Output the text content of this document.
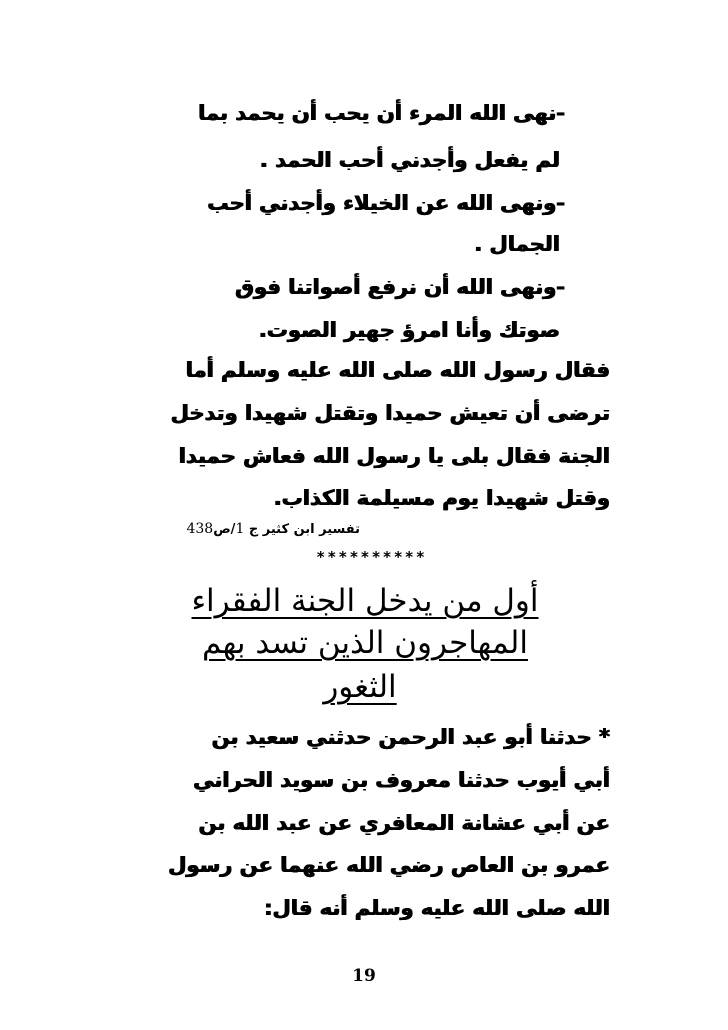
-نهى الله المرء أن يحب أن يحمد بما
لم يفعل وأجدني أحب الحمد .
-ونهى الله عن الخيلاء وأجدني أحب
الجمال .
-ونهى الله أن نرفع أصواتنا فوق
صوتك وأنا امرؤ جهير الصوت.
فقال رسول الله صلى الله عليه وسلم أما
ترضى أن تعيش حميدا وتقتل شهيدا وتدخل
الجنة فقال بلى يا رسول الله فعاش حميدا
وقتل شهيدا يوم مسيلمة الكذاب.
تفسير ابن كثير ج 1/ص438
* * * * * * * * * *
أول من يدخل الجنة الفقراء
المهاجرون الذين تسد بهم
الثغور
* حدثنا أبو عبد الرحمن حدثني سعيد بن
أبي أيوب حدثنا معروف بن سويد الحراني
عن أبي عشانة المعافري عن عبد الله بن
عمرو بن العاص رضي الله عنهما عن رسول
الله صلى الله عليه وسلم أنه قال:
19
